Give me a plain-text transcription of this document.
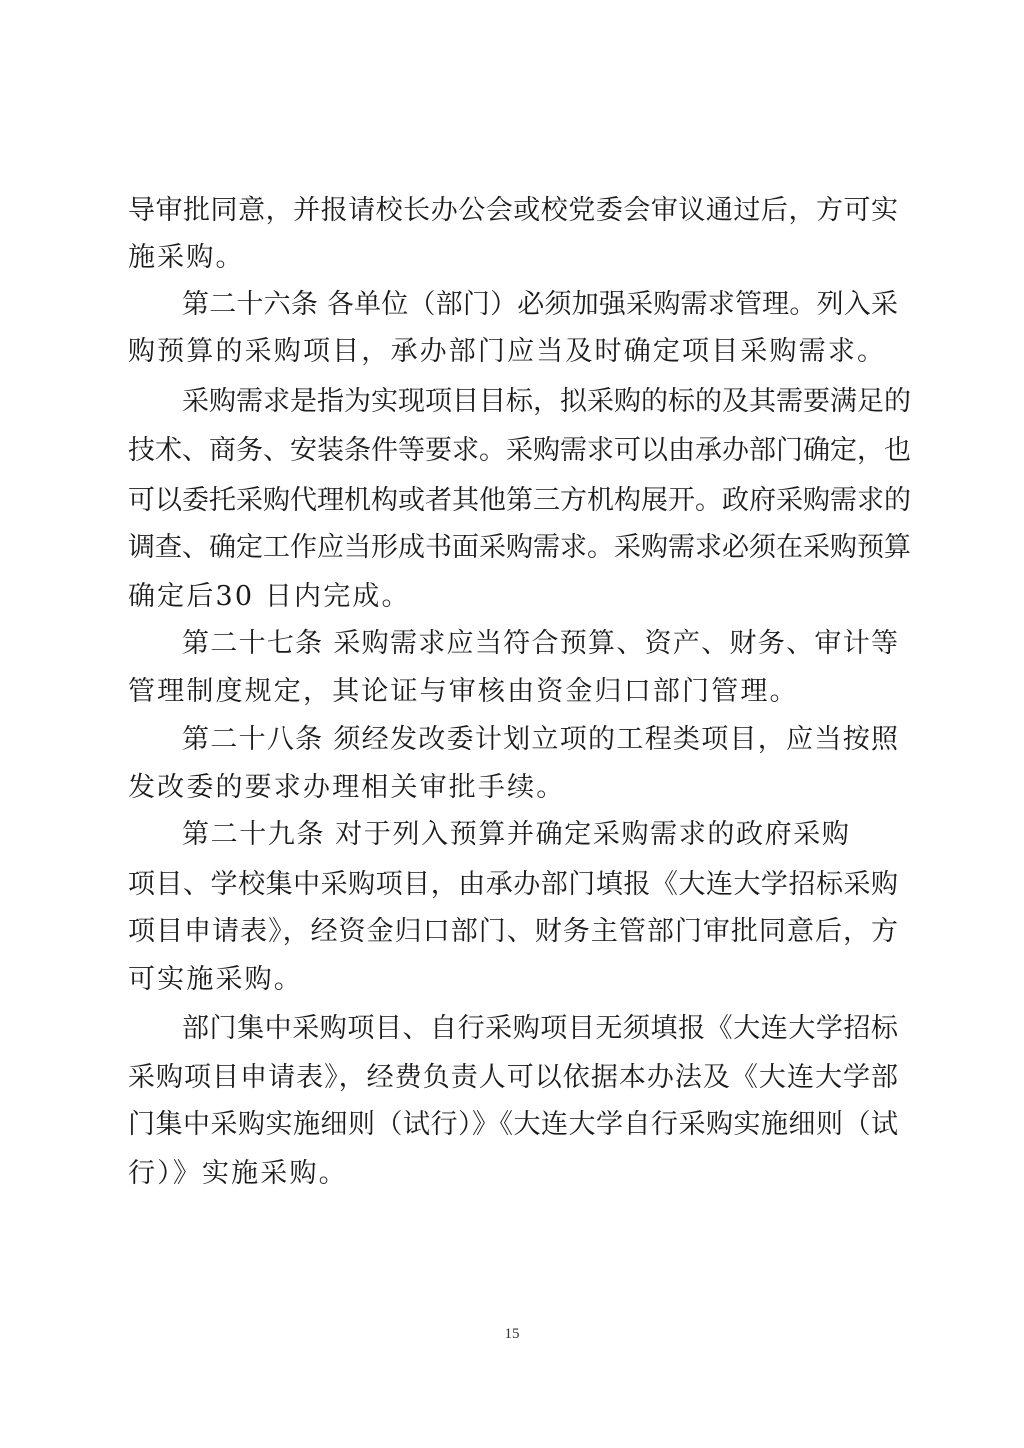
导审批同意，并报请校长办公会或校党委会审议通过后，方可实
施采购。
第二十六条 各单位（部门）必须加强采购需求管理。列入采
购预算的采购项目，承办部门应当及时确定项目采购需求。
采购需求是指为实现项目目标，拟采购的标的及其需要满足的
技术、商务、安装条件等要求。采购需求可以由承办部门确定，也
可以委托采购代理机构或者其他第三方机构展开。政府采购需求的
调查、确定工作应当形成书面采购需求。采购需求必须在采购预算
确定后30 日内完成。
第二十七条 采购需求应当符合预算、资产、财务、审计等
管理制度规定，其论证与审核由资金归口部门管理。
第二十八条 须经发改委计划立项的工程类项目，应当按照
发改委的要求办理相关审批手续。
第二十九条 对于列入预算并确定采购需求的政府采购
项目、学校集中采购项目，由承办部门填报《大连大学招标采购
项目申请表》，经资金归口部门、财务主管部门审批同意后，方
可实施采购。
部门集中采购项目、自行采购项目无须填报《大连大学招标
采购项目申请表》，经费负责人可以依据本办法及《大连大学部
门集中采购实施细则（试行）》《大连大学自行采购实施细则（试
行）》实施采购。
15
